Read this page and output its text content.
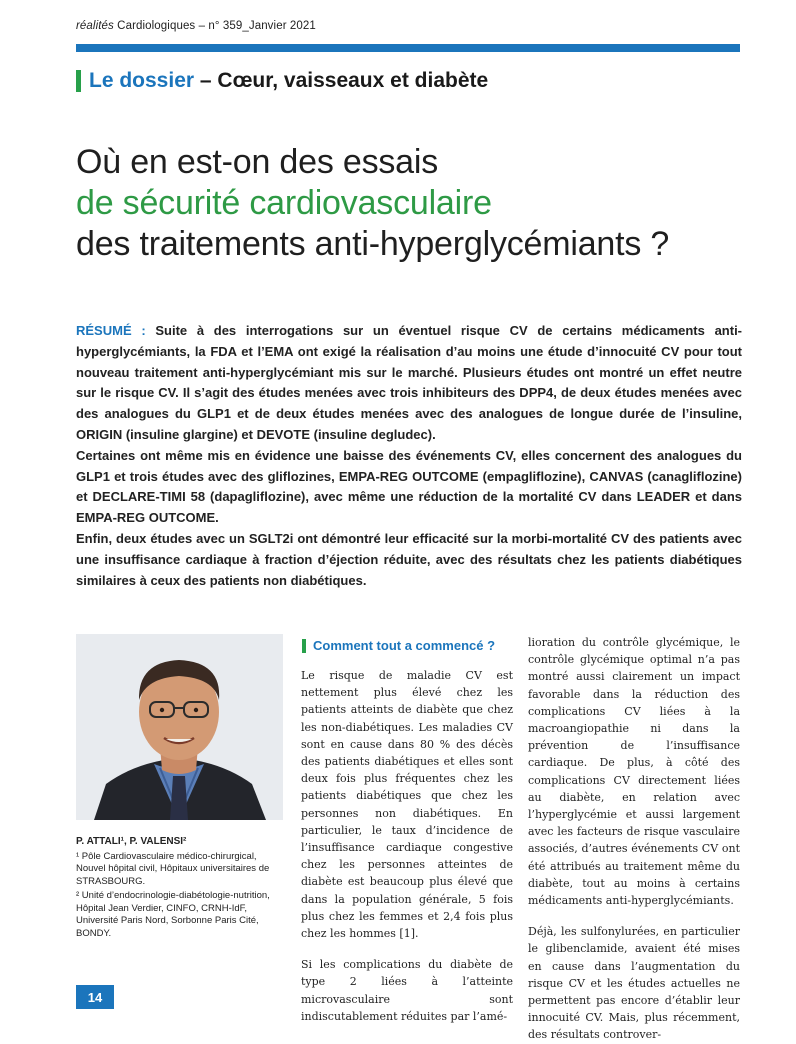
réalités Cardiologiques – n° 359_Janvier 2021
Le dossier
– Cœur, vaisseaux et diabète
Où en est-on des essais
de sécurité cardiovasculaire
des traitements anti-hyperglycémiants ?

RÉSUMÉ : Suite à des interrogations sur un éventuel risque CV de certains médicaments anti-hyperglycémiants, la FDA et l’EMA ont exigé la réalisation d’au moins une étude d’innocuité CV pour tout nouveau traitement anti-hyperglycémiant mis sur le marché. Plusieurs études ont montré un effet neutre sur le risque CV. Il s’agit des études menées avec trois inhibiteurs des DPP4, de deux études menées avec des analogues du GLP1 et de deux études menées avec des analogues de longue durée de l’insuline, ORIGIN (insuline glargine) et DEVOTE (insuline degludec).

Certaines ont même mis en évidence une baisse des événements CV, elles concernent des analogues du GLP1 et trois études avec des gliflozines, EMPA-REG OUTCOME (empagliflozine), CANVAS (canagliflozine) et DECLARE-TIMI 58 (dapagliflozine), avec même une réduction de la mortalité CV dans LEADER et dans EMPA-REG OUTCOME.

Enfin, deux études avec un SGLT2i ont démontré leur efficacité sur la morbi-mortalité CV des patients avec une insuffisance cardiaque à fraction d’éjection réduite, avec des résultats chez les patients diabétiques similaires à ceux des patients non diabétiques.

P. ATTALI¹, P. VALENSI²

¹ Pôle Cardiovasculaire médico-chirurgical, Nouvel hôpital civil, Hôpitaux universitaires de STRASBOURG.

² Unité d’endocrinologie-diabétologie-nutrition, Hôpital Jean Verdier, CINFO, CRNH-IdF, Université Paris Nord, Sorbonne Paris Cité, BONDY.

Comment tout a commencé ?

Le risque de maladie CV est nettement plus élevé chez les patients atteints de diabète que chez les non-diabétiques. Les maladies CV sont en cause dans 80 % des décès des patients diabétiques et elles sont deux fois plus fréquentes chez les patients diabétiques que chez les personnes non diabétiques. En particulier, le taux d’incidence de l’insuffisance cardiaque congestive chez les personnes atteintes de diabète est beaucoup plus élevé que dans la population générale, 5 fois plus chez les femmes et 2,4 fois plus chez les hommes [1].

Si les complications du diabète de type 2 liées à l’atteinte microvasculaire sont indiscutablement réduites par l’amé-

lioration du contrôle glycémique, le contrôle glycémique optimal n’a pas montré aussi clairement un impact favorable dans la réduction des complications CV liées à la macroangiopathie ni dans la prévention de l’insuffisance cardiaque. De plus, à côté des complications CV directement liées au diabète, en relation avec l’hyperglycémie et aussi largement avec les facteurs de risque vasculaire associés, d’autres événements CV ont été attribués au traitement même du diabète, tout au moins à certains médicaments anti-hyperglycémiants.

Déjà, les sulfonylurées, en particulier le glibenclamide, avaient été mises en cause dans l’augmentation du risque CV et les études actuelles ne permettent pas encore d’établir leur innocuité CV. Mais, plus récemment, des résultats controver-

14
